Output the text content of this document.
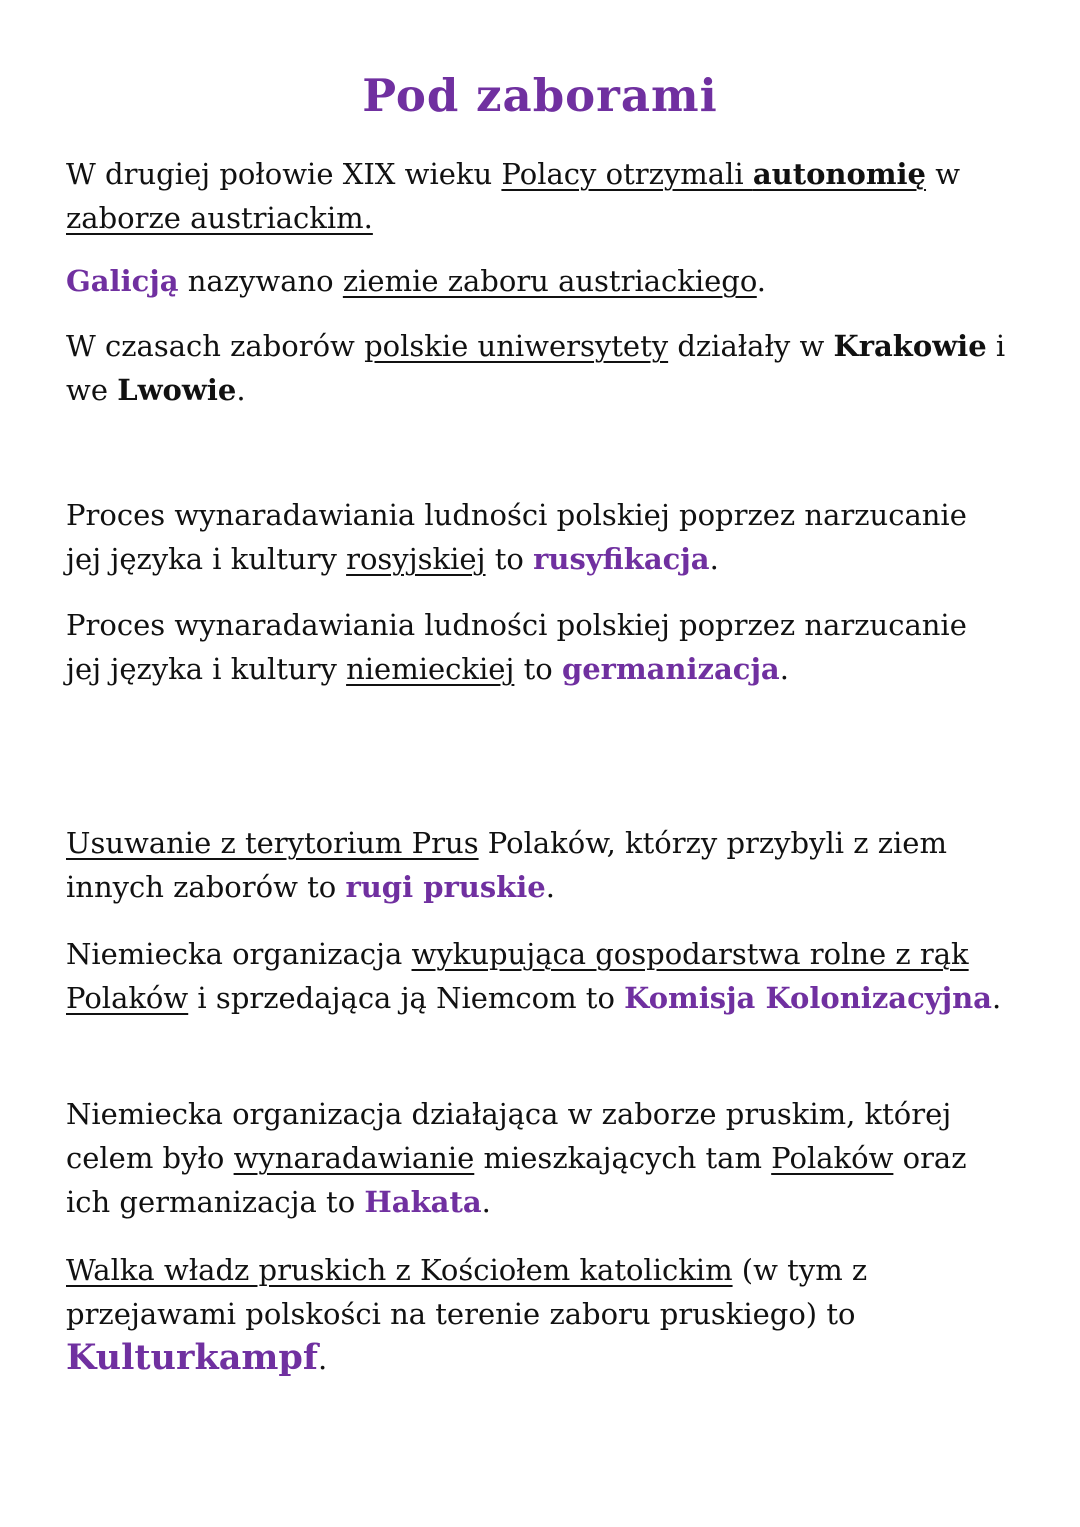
Pod zaborami

W drugiej połowie XIX wieku Polacy otrzymali autonomię w zaborze austriackim.

Galicją nazywano ziemie zaboru austriackiego.

W czasach zaborów polskie uniwersytety działały w Krakowie i we Lwowie.

Proces wynaradawiania ludności polskiej poprzez narzucanie jej języka i kultury rosyjskiej to rusyfikacja.

Proces wynaradawiania ludności polskiej poprzez narzucanie jej języka i kultury niemieckiej to germanizacja.

Usuwanie z terytorium Prus Polaków, którzy przybyli z ziem innych zaborów to rugi pruskie.

Niemiecka organizacja wykupująca gospodarstwa rolne z rąk Polaków i sprzedająca ją Niemcom to Komisja Kolonizacyjna.

Niemiecka organizacja działająca w zaborze pruskim, której celem było wynaradawianie mieszkających tam Polaków oraz ich germanizacja to Hakata.

Walka władz pruskich z Kościołem katolickim (w tym z przejawami polskości na terenie zaboru pruskiego) to Kulturkampf.
